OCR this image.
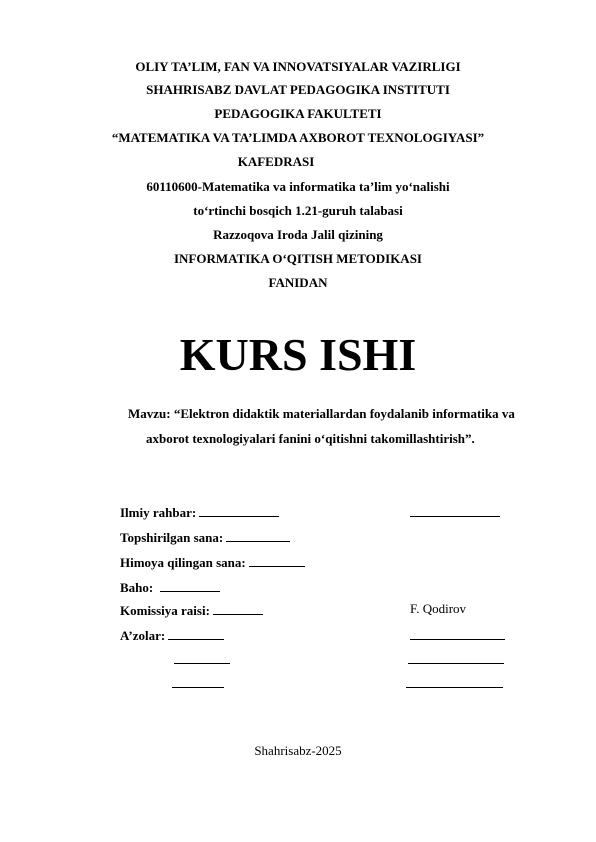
OLIY TA’LIM, FAN VA INNOVATSIYALAR VAZIRLIGI
SHAHRISABZ DAVLAT PEDAGOGIKA INSTITUTI
PEDAGOGIKA FAKULTETI
“MATEMATIKA VA TA’LIMDA AXBOROT TEXNOLOGIYASI”
KAFEDRASI
60110600-Matematika va informatika ta’lim yo‘nalishi
to‘rtinchi bosqich 1.21-guruh talabasi
Razzoqova Iroda Jalil qizining
INFORMATIKA O‘QITISH METODIKASI
FANIDAN
KURS ISHI
Mavzu: “Elektron didaktik materiallardan foydalanib informatika va
axborot texnologiyalari fanini o‘qitishni takomillashtirish”.
Ilmiy rahbar:
Topshirilgan sana:
Himoya qilingan sana:
Baho:
Komissiya raisi:	F. Qodirov
A’zolar:
Shahrisabz-2025
